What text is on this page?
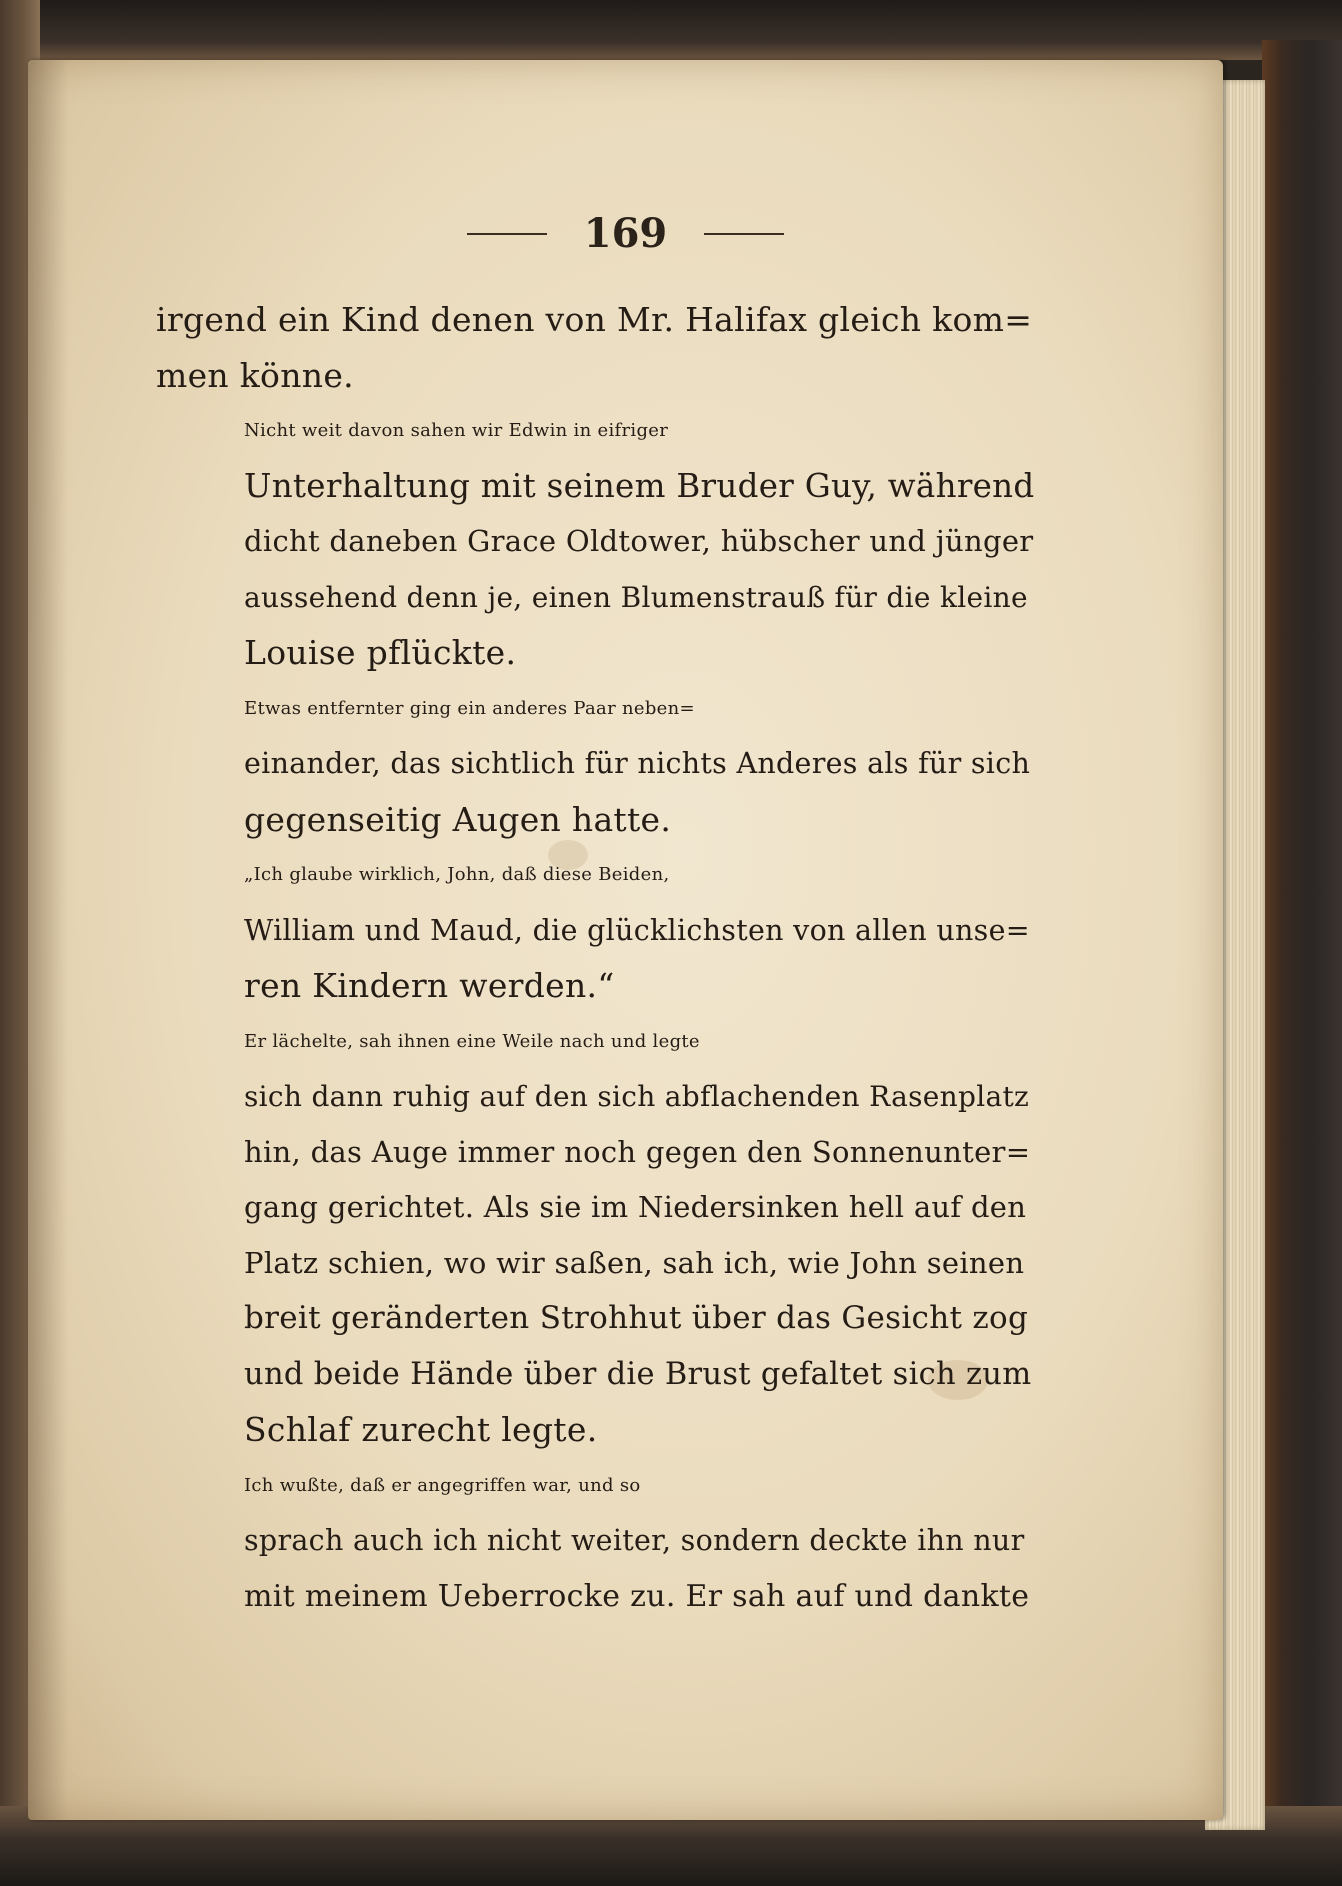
169

irgend ein Kind denen von Mr. Halifax gleich kom=
men könne.

Nicht weit davon sahen wir Edwin in eifriger
Unterhaltung mit seinem Bruder Guy, während
dicht daneben Grace Oldtower, hübscher und jünger
aussehend denn je, einen Blumenstrauß für die kleine
Louise pflückte.

Etwas entfernter ging ein anderes Paar neben=
einander, das sichtlich für nichts Anderes als für sich
gegenseitig Augen hatte.

„Ich glaube wirklich, John, daß diese Beiden,
William und Maud, die glücklichsten von allen unse=
ren Kindern werden.“

Er lächelte, sah ihnen eine Weile nach und legte
sich dann ruhig auf den sich abflachenden Rasenplatz
hin, das Auge immer noch gegen den Sonnenunter=
gang gerichtet. Als sie im Niedersinken hell auf den
Platz schien, wo wir saßen, sah ich, wie John seinen
breit geränderten Strohhut über das Gesicht zog
und beide Hände über die Brust gefaltet sich zum
Schlaf zurecht legte.

Ich wußte, daß er angegriffen war, und so
sprach auch ich nicht weiter, sondern deckte ihn nur
mit meinem Ueberrocke zu. Er sah auf und dankte
